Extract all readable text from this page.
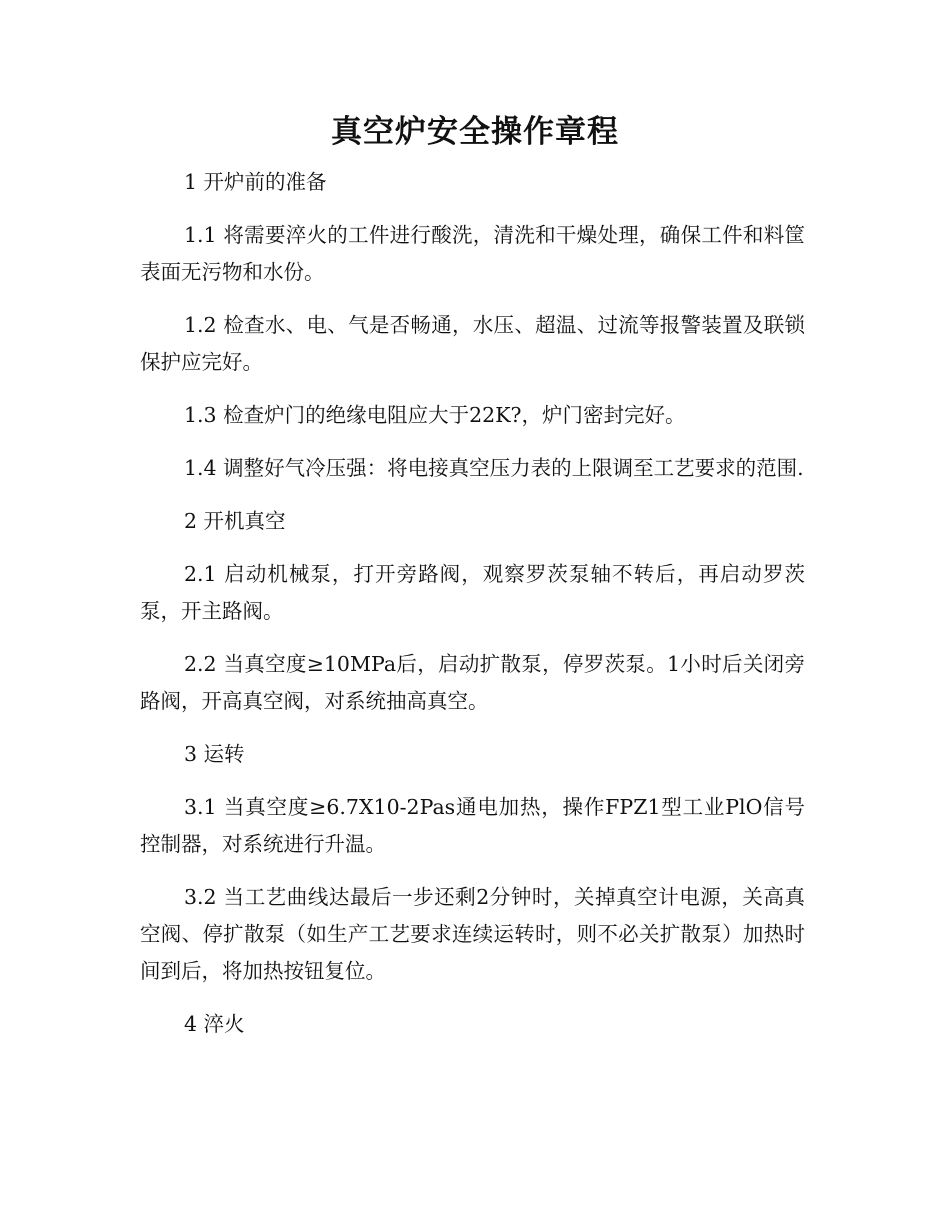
真空炉安全操作章程

1 开炉前的准备

1.1 将需要淬火的工件进行酸洗，清洗和干燥处理，确保工件和料筐表面无污物和水份。

1.2 检查水、电、气是否畅通，水压、超温、过流等报警装置及联锁保护应完好。

1.3 检查炉门的绝缘电阻应大于22K?，炉门密封完好。

1.4 调整好气冷压强：将电接真空压力表的上限调至工艺要求的范围.

2 开机真空

2.1 启动机械泵，打开旁路阀，观察罗茨泵轴不转后，再启动罗茨泵，开主路阀。

2.2 当真空度≥10MPa后，启动扩散泵，停罗茨泵。1小时后关闭旁路阀，开高真空阀，对系统抽高真空。

3 运转

3.1 当真空度≥6.7X10-2Pas通电加热，操作FPZ1型工业PlO信号控制器，对系统进行升温。

3.2 当工艺曲线达最后一步还剩2分钟时，关掉真空计电源，关高真空阀、停扩散泵（如生产工艺要求连续运转时，则不必关扩散泵）加热时间到后，将加热按钮复位。

4 淬火
